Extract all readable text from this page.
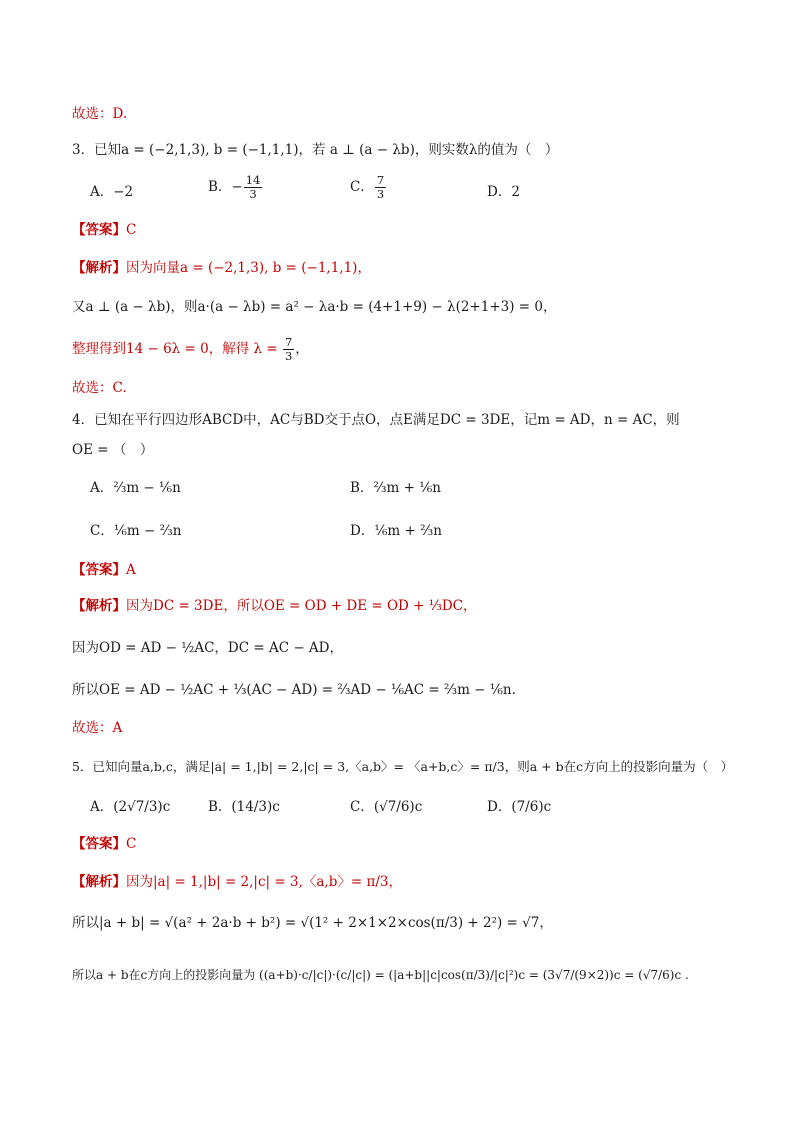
故选：D.
3．已知a = (−2,1,3), b = (−1,1,1)，若 a ⊥ (a − λb)，则实数λ的值为（　）
A．−2	B．− $\frac{14}{3}$	C． $\frac{7}{3}$	D．2
【答案】C
【解析】因为向量a = (−2,1,3), b = (−1,1,1)，
又a ⊥ (a − λb)，则a·(a − λb) = a² − λa·b = (4+1+9) − λ(2+1+3) = 0，
整理得到14 − 6λ = 0，解得 $\lambda = \frac{7}{3}$ ，
故选：C.
4．已知在平行四边形ABCD中，AC与BD交于点O，点E满足DC = 3DE，记m = AD，n = AC，则
OE = （　）
A．⅔m − ⅙n	B．⅔m + ⅙n
C．⅙m − ⅔n	D．⅙m + ⅔n
【答案】A
【解析】因为DC = 3DE，所以OE = OD + DE = OD + ⅓DC，
因为OD = AD − ½AC，DC = AC − AD，
所以OE = AD − ½AC + ⅓(AC − AD) = ⅔AD − ⅙AC = ⅔m − ⅙n.
故选：A
5．已知向量a,b,c，满足|a| = 1,|b| = 2,|c| = 3,〈a,b〉= 〈a+b,c〉= π/3，则a + b在c方向上的投影向量为（　）
A．(2√7/3)c	B．(14/3)c	C．(√7/6)c	D．(7/6)c
【答案】C
【解析】因为|a| = 1,|b| = 2,|c| = 3,〈a,b〉= π/3，
所以|a + b| = √(a² + 2a·b + b²) = √(1² + 2×1×2×cos(π/3) + 2²) = √7，
所以a + b在c方向上的投影向量为 ((a+b)·c/|c|)·(c/|c|) = (|a+b||c|cos(π/3)/|c|²)c = (3√7/(9×2))c = (√7/6)c .
